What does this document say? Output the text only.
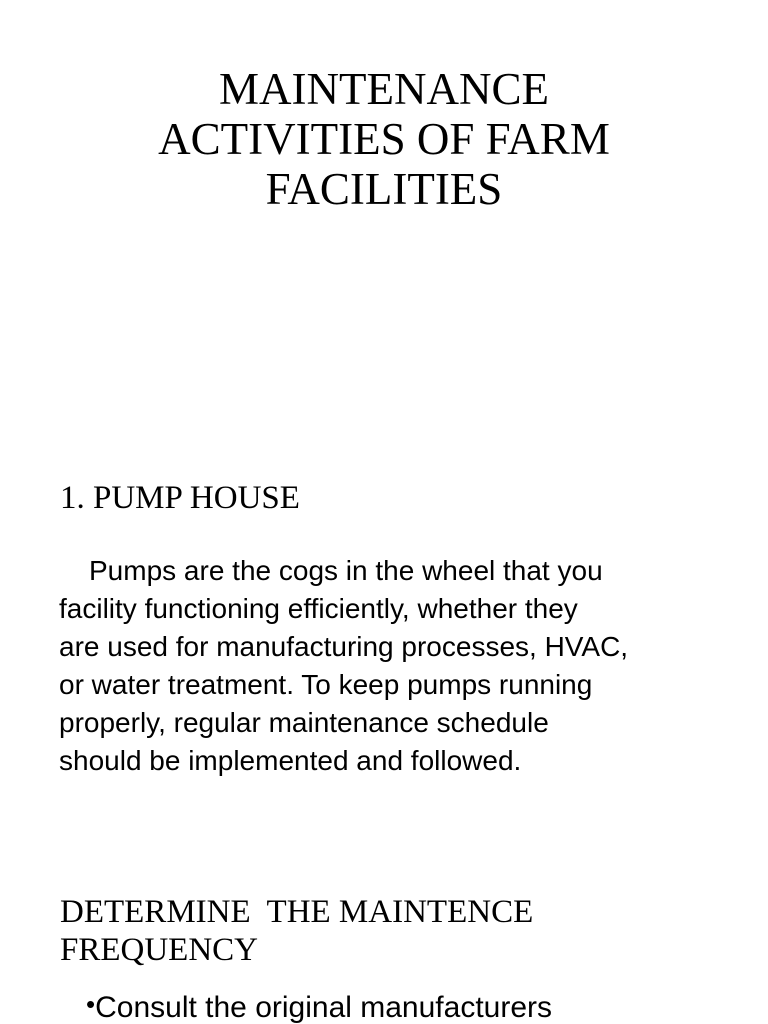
MAINTENANCE
ACTIVITIES OF FARM
FACILITIES
1. PUMP HOUSE

Pumps are the cogs in the wheel that you
facility functioning efficiently, whether they
are used for manufacturing processes, HVAC,
or water treatment. To keep pumps running
properly, regular maintenance schedule
should be implemented and followed.

DETERMINE  THE MAINTENCE
FREQUENCY
•Consult the original manufacturers
